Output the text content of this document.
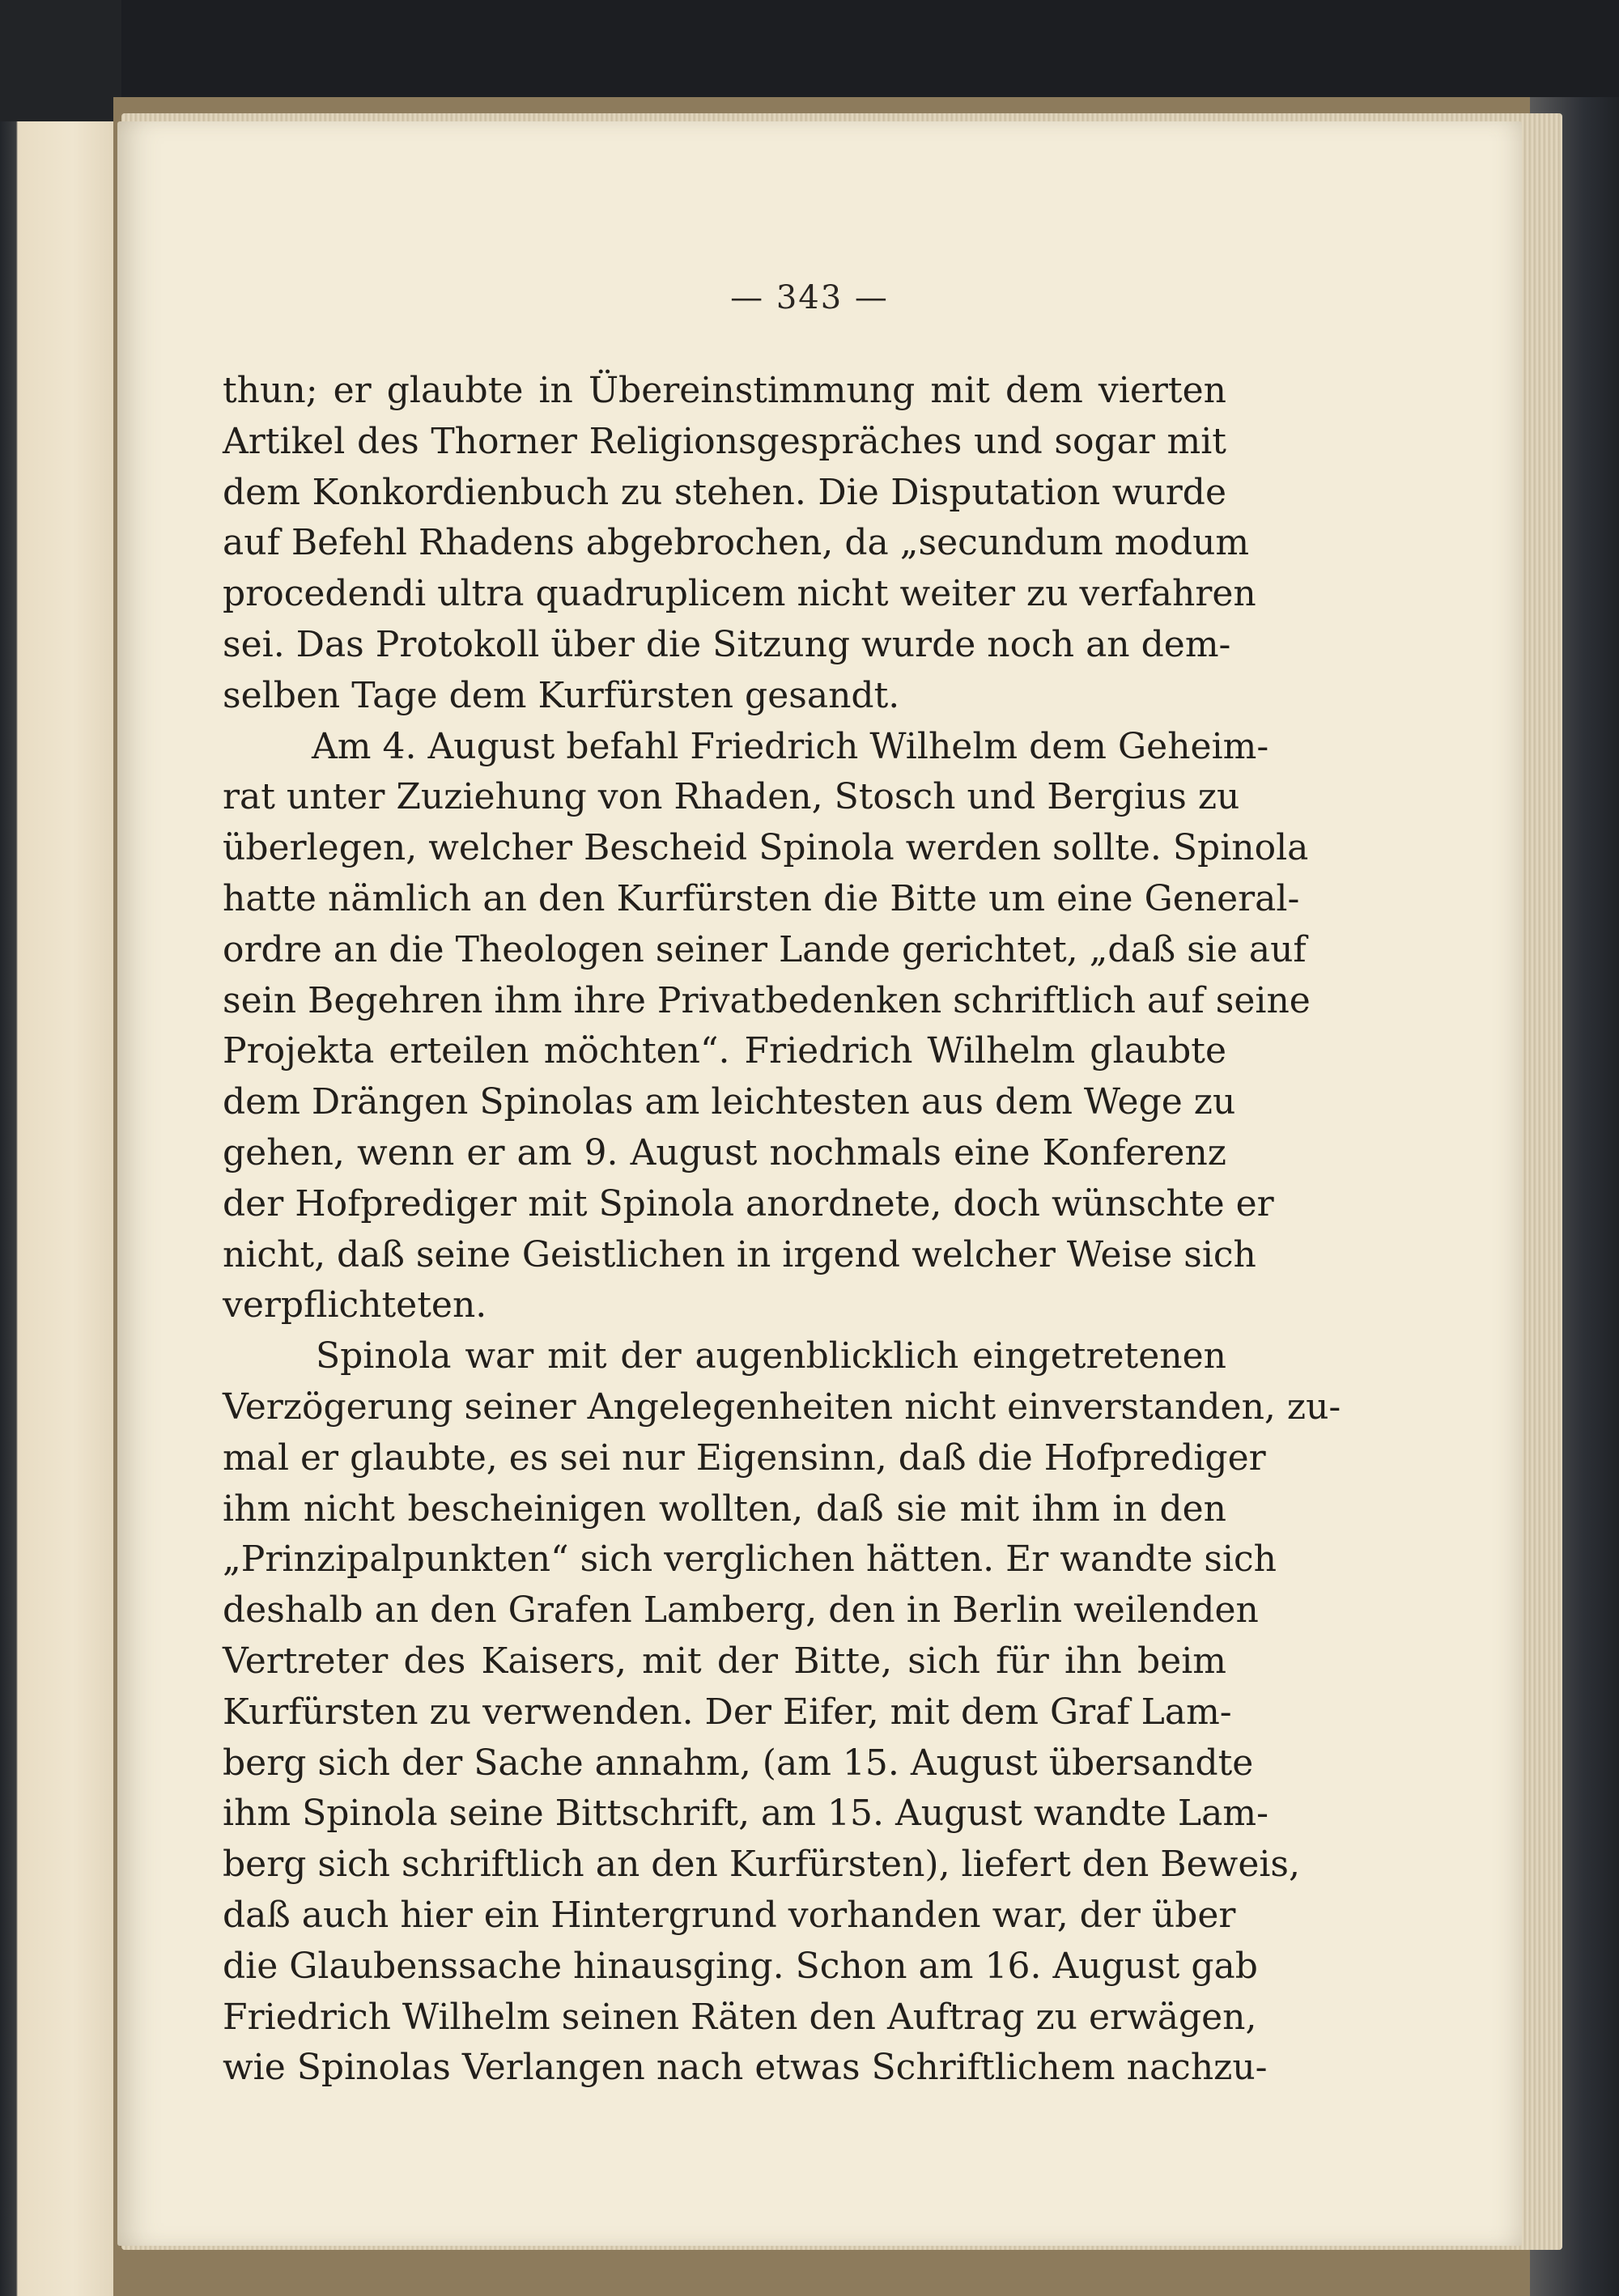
— 343 —
thun; er glaubte in Übereinstimmung mit dem vierten
Artikel des Thorner Religionsgespräches und sogar mit
dem Konkordienbuch zu stehen. Die Disputation wurde
auf Befehl Rhadens abgebrochen, da „secundum modum
procedendi ultra quadruplicem nicht weiter zu verfahren
sei. Das Protokoll über die Sitzung wurde noch an dem-
selben Tage dem Kurfürsten gesandt.
Am 4. August befahl Friedrich Wilhelm dem Geheim-
rat unter Zuziehung von Rhaden, Stosch und Bergius zu
überlegen, welcher Bescheid Spinola werden sollte. Spinola
hatte nämlich an den Kurfürsten die Bitte um eine General-
ordre an die Theologen seiner Lande gerichtet, „daß sie auf
sein Begehren ihm ihre Privatbedenken schriftlich auf seine
Projekta erteilen möchten“. Friedrich Wilhelm glaubte
dem Drängen Spinolas am leichtesten aus dem Wege zu
gehen, wenn er am 9. August nochmals eine Konferenz
der Hofprediger mit Spinola anordnete, doch wünschte er
nicht, daß seine Geistlichen in irgend welcher Weise sich
verpflichteten.
Spinola war mit der augenblicklich eingetretenen
Verzögerung seiner Angelegenheiten nicht einverstanden, zu-
mal er glaubte, es sei nur Eigensinn, daß die Hofprediger
ihm nicht bescheinigen wollten, daß sie mit ihm in den
„Prinzipalpunkten“ sich verglichen hätten. Er wandte sich
deshalb an den Grafen Lamberg, den in Berlin weilenden
Vertreter des Kaisers, mit der Bitte, sich für ihn beim
Kurfürsten zu verwenden. Der Eifer, mit dem Graf Lam-
berg sich der Sache annahm, (am 15. August übersandte
ihm Spinola seine Bittschrift, am 15. August wandte Lam-
berg sich schriftlich an den Kurfürsten), liefert den Beweis,
daß auch hier ein Hintergrund vorhanden war, der über
die Glaubenssache hinausging. Schon am 16. August gab
Friedrich Wilhelm seinen Räten den Auftrag zu erwägen,
wie Spinolas Verlangen nach etwas Schriftlichem nachzu-
